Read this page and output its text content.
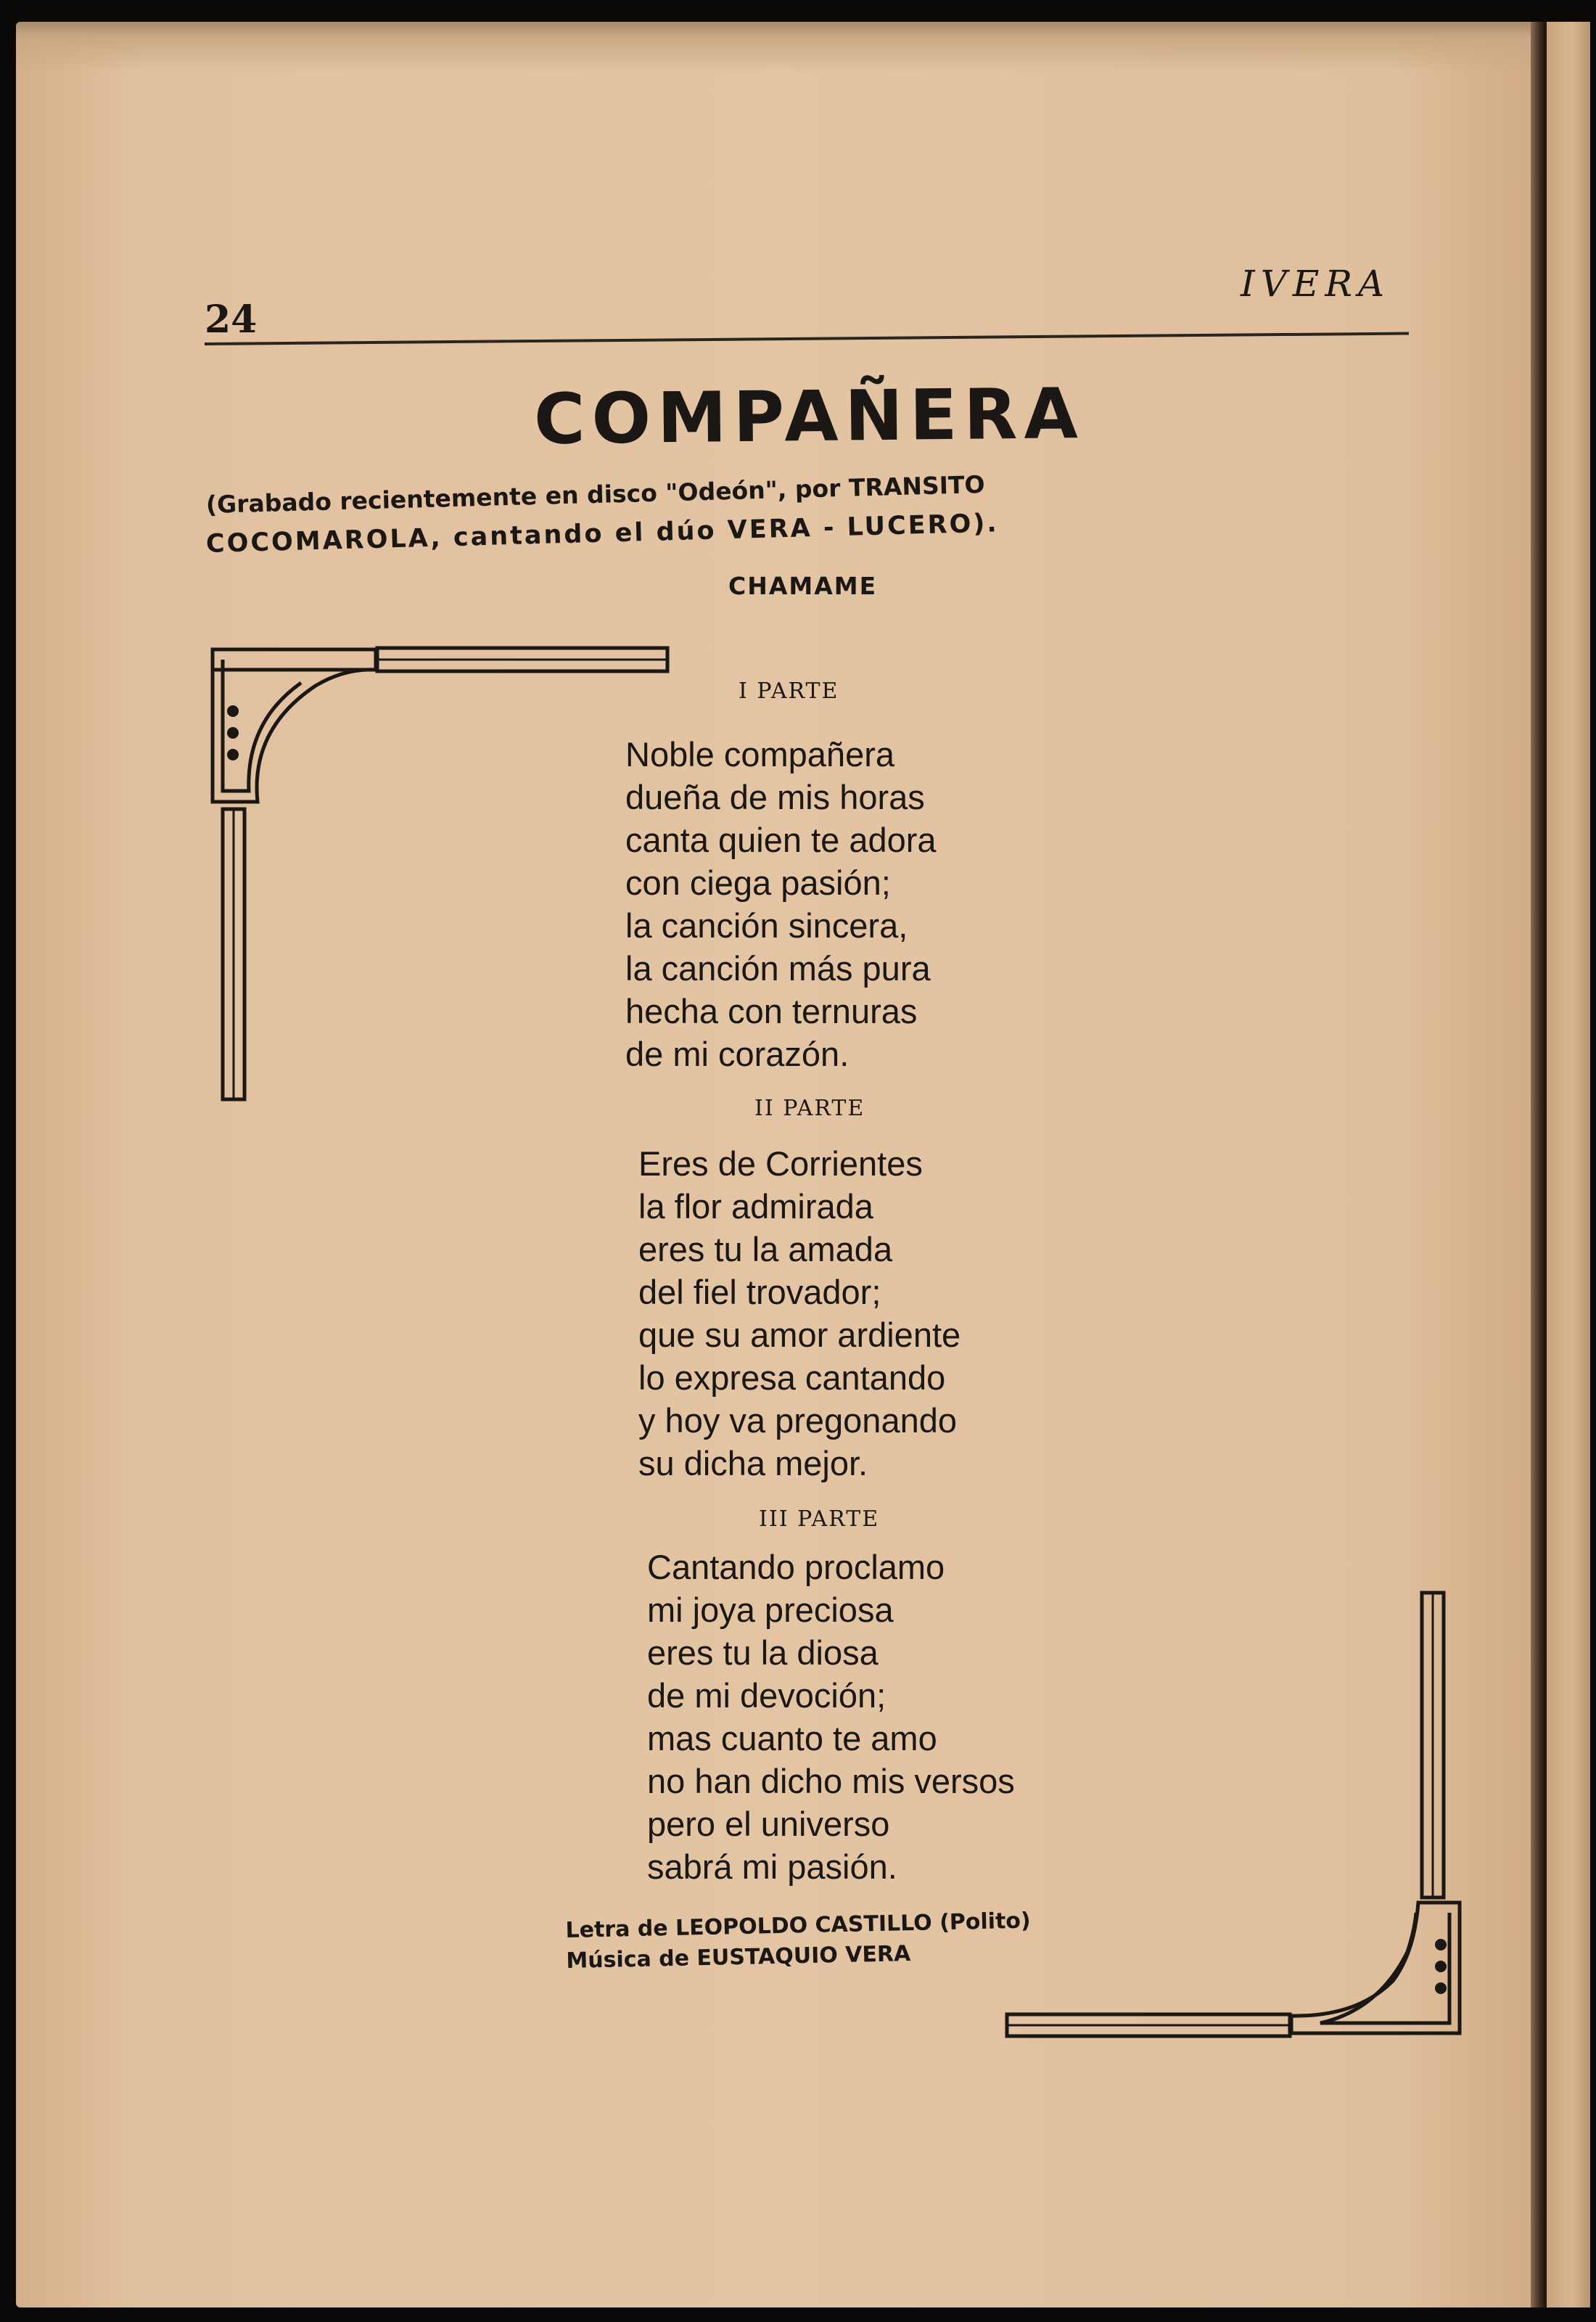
24
IVERA
COMPAÑERA
(Grabado recientemente en disco "Odeón", por TRANSITO
COCOMAROLA, cantando el dúo VERA - LUCERO).
CHAMAME
I PARTE
Noble compañera
dueña de mis horas
canta quien te adora
con ciega pasión;
la canción sincera,
la canción más pura
hecha con ternuras
de mi corazón.
II PARTE
Eres de Corrientes
la flor admirada
eres tu la amada
del fiel trovador;
que su amor ardiente
lo expresa cantando
y hoy va pregonando
su dicha mejor.
III PARTE
Cantando proclamo
mi joya preciosa
eres tu la diosa
de mi devoción;
mas cuanto te amo
no han dicho mis versos
pero el universo
sabrá mi pasión.
Letra de LEOPOLDO CASTILLO (Polito)
Música de EUSTAQUIO VERA
